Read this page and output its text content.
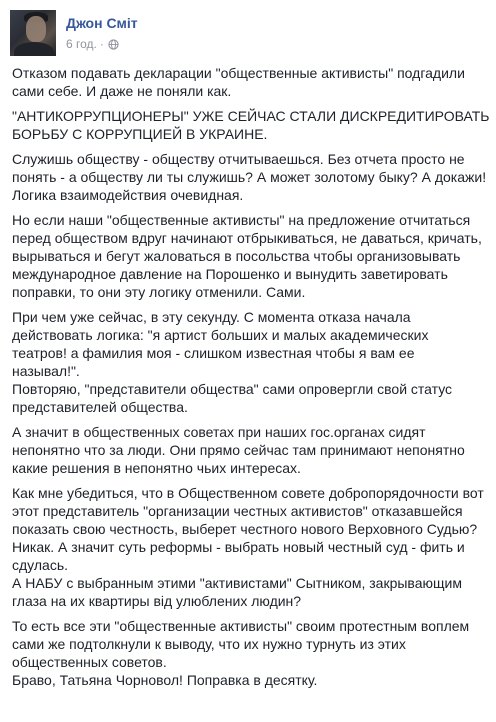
Джон Сміт
6 год. ·

Отказом подавать декларации "общественные активисты" подгадили
сами себе. И даже не поняли как.

"АНТИКОРРУПЦИОНЕРЫ" УЖЕ СЕЙЧАС СТАЛИ ДИСКРЕДИТИРОВАТЬ
БОРЬБУ С КОРРУПЦИЕЙ В УКРАИНЕ.

Служишь обществу - обществу отчитываешься. Без отчета просто не
понять - а обществу ли ты служишь? А может золотому быку? А докажи!
Логика взаимодействия очевидная.

Но если наши "общественные активисты" на предложение отчитаться
перед обществом вдруг начинают отбрыкиваться, не даваться, кричать,
вырываться и бегут жаловаться в посольства чтобы организовывать
международное давление на Порошенко и вынудить заветировать
поправки, то они эту логику отменили. Сами.

При чем уже сейчас, в эту секунду. С момента отказа начала
действовать логика: "я артист больших и малых академических
театров! а фамилия моя - слишком известная чтобы я вам ее
называл!".
Повторяю, "представители общества" сами опровергли свой статус
представителей общества.

А значит в общественных советах при наших гос.органах сидят
непонятно что за люди. Они прямо сейчас там принимают непонятно
какие решения в непонятно чьих интересах.

Как мне убедиться, что в Общественном совете добропорядочности вот
этот представитель "организации честных активистов" отказавшейся
показать свою честность, выберет честного нового Верховного Судью?
Никак. А значит суть реформы - выбрать новый честный суд - фить и
сдулась.
А НАБУ с выбранным этими "активистами" Сытником, закрывающим
глаза на их квартиры від улюблених людин?

То есть все эти "общественные активисты" своим протестным воплем
сами же подтолкнули к выводу, что их нужно турнуть из этих
общественных советов.
Браво, Татьяна Чорновол! Поправка в десятку.
